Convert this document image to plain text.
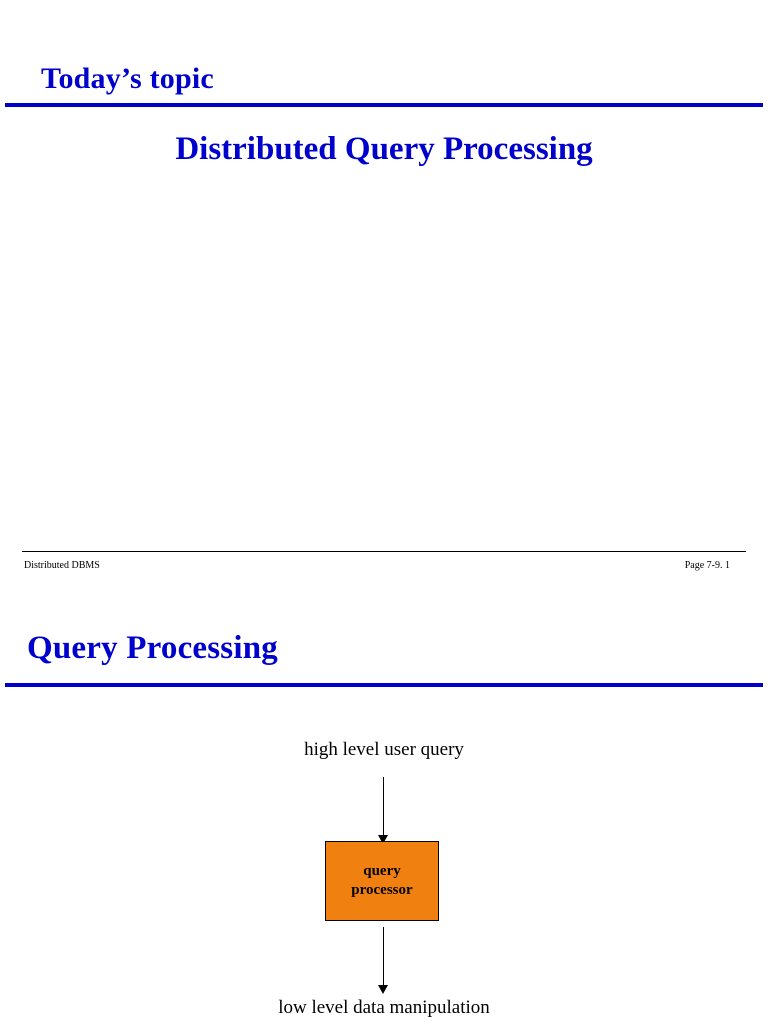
Today’s topic
Distributed Query Processing
Distributed DBMS	Page 7-9. 1
Query Processing
high level user query
query
processor
low level data manipulation
